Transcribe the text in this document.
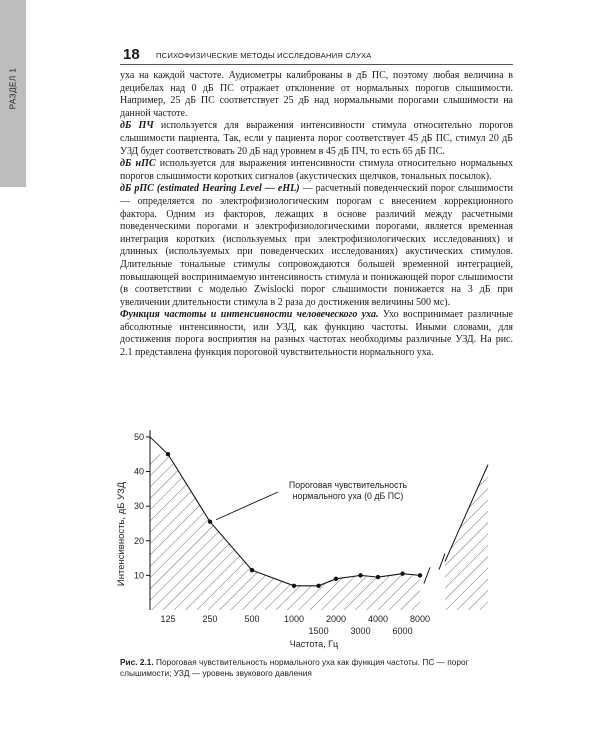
РАЗДЕЛ 1
18 ПСИХОФИЗИЧЕСКИЕ МЕТОДЫ ИССЛЕДОВАНИЯ СЛУХА

уха на каждой частоте. Аудиометры калиброваны в дБ ПС, поэтому любая величина в децибелах над 0 дБ ПС отражает отклонение от нормальных порогов слышимости. Например, 25 дБ ПС соответствует 25 дБ над нормальными порогами слышимости на данной частоте.

дБ ПЧ используется для выражения интенсивности стимула относительно порогов слышимости пациента. Так, если у пациента порог соответствует 45 дБ ПС, стимул 20 дБ УЗД будет соответствовать 20 дБ над уровнем в 45 дБ ПЧ, то есть 65 дБ ПС.

дБ нПС используется для выражения интенсивности стимула относительно нормальных порогов слышимости коротких сигналов (акустических щелчков, тональных посылок).

дБ рПС (estimated Hearing Level — eHL) — расчетный поведенческий порог слышимости — определяется по электрофизиологическим порогам с внесением коррекционного фактора. Одним из факторов, лежащих в основе различий между расчетными поведенческими порогами и электрофизиологическими порогами, является временная интеграция коротких (используемых при электрофизиологических исследованиях) и длинных (используемых при поведенческих исследованиях) акустических стимулов. Длительные тональные стимулы сопровождаются большей временной интеграцией, повышающей воспринимаемую интенсивность стимула и понижающей порог слышимости (в соответствии с моделью Zwislocki порог слышимости понижается на 3 дБ при увеличении длительности стимула в 2 раза до достижения величины 500 мс).

Функция частоты и интенсивности человеческого уха. Ухо воспринимает различные абсолютные интенсивности, или УЗД, как функцию частоты. Иными словами, для достижения порога восприятия на разных частотах необходимы различные УЗД. На рис. 2.1 представлена функция пороговой чувствительности нормального уха.

10
20
30
40
50
Интенсивность, дБ УЗД
125	250	500	1000 2000 4000 8000
1500 3000 6000
Частота, Гц
Пороговая чувствительность
нормального уха (0 дБ ПС)
Рис. 2.1. Пороговая чувствительность нормального уха как функция частоты. ПС — порог слышимости; УЗД — уровень звукового давления
